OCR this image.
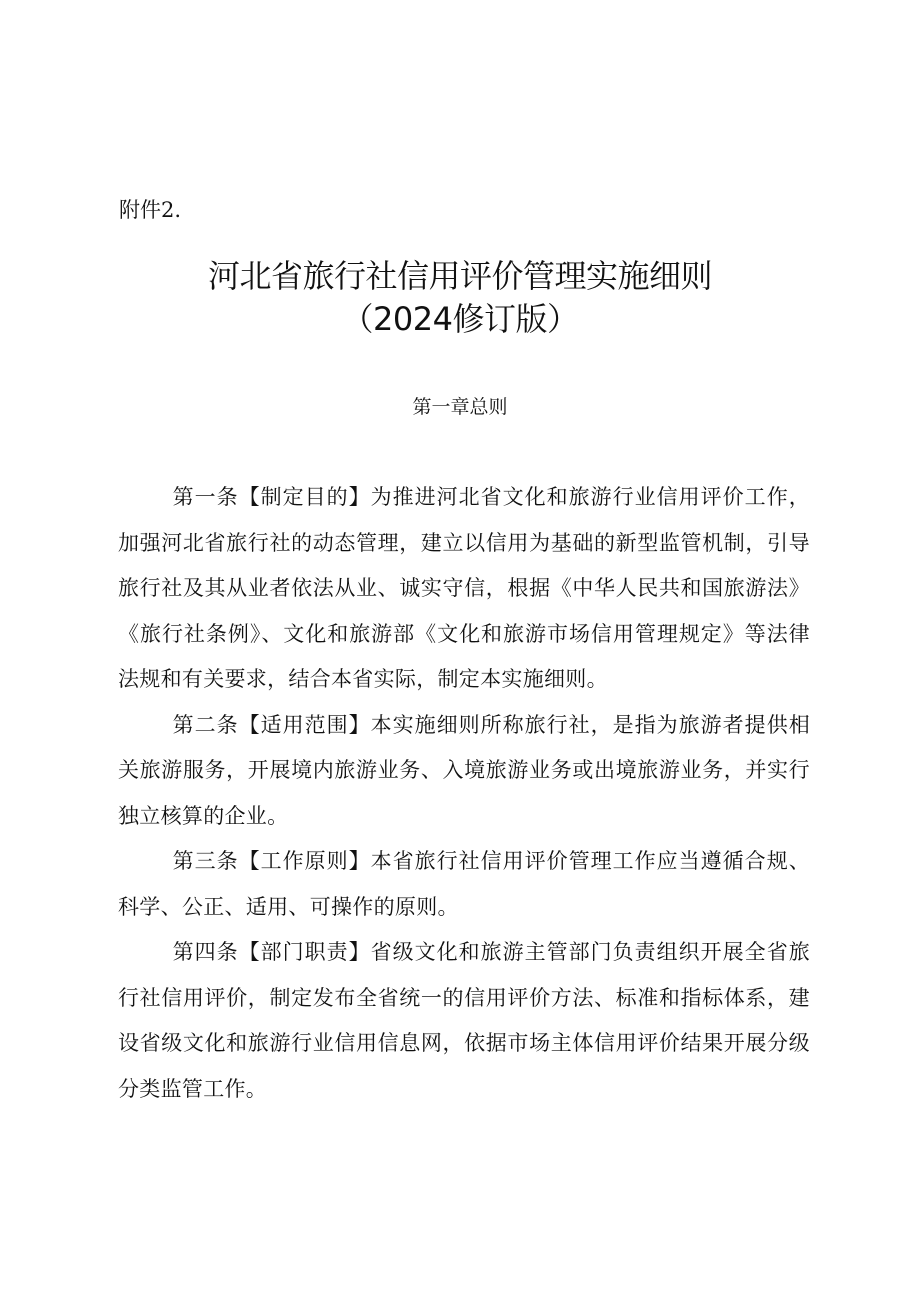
附件2.
河北省旅行社信用评价管理实施细则
（2024修订版）
第一章总则

第一条【制定目的】为推进河北省文化和旅游行业信用评价工作，加强河北省旅行社的动态管理，建立以信用为基础的新型监管机制，引导旅行社及其从业者依法从业、诚实守信，根据《中华人民共和国旅游法》《旅行社条例》、文化和旅游部《文化和旅游市场信用管理规定》等法律法规和有关要求，结合本省实际，制定本实施细则。

第二条【适用范围】本实施细则所称旅行社，是指为旅游者提供相关旅游服务，开展境内旅游业务、入境旅游业务或出境旅游业务，并实行独立核算的企业。

第三条【工作原则】本省旅行社信用评价管理工作应当遵循合规、科学、公正、适用、可操作的原则。

第四条【部门职责】省级文化和旅游主管部门负责组织开展全省旅行社信用评价，制定发布全省统一的信用评价方法、标准和指标体系，建设省级文化和旅游行业信用信息网，依据市场主体信用评价结果开展分级分类监管工作。
